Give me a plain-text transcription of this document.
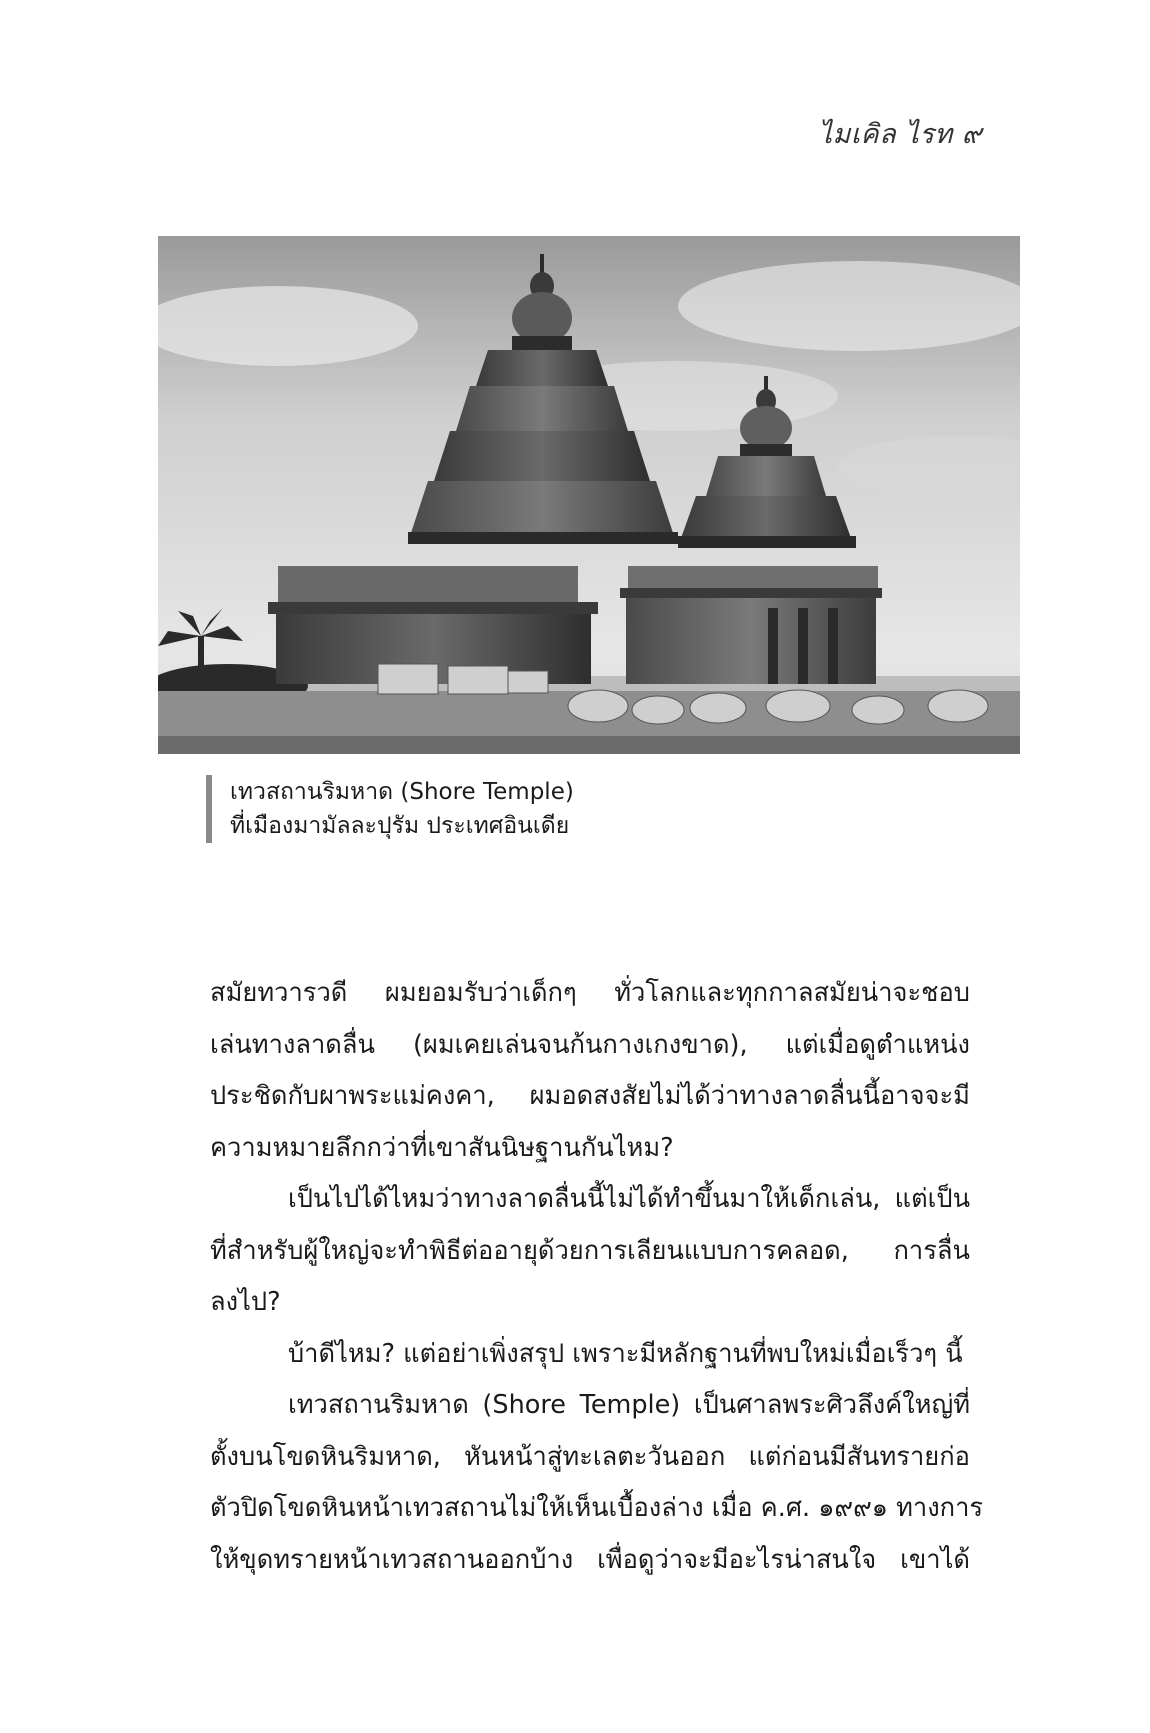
ไมเคิล ไรท ๙
เทวสถานริมหาด (Shore Temple)
ที่เมืองมามัลละปุรัม ประเทศอินเดีย
สมัยทวารวดี ผมยอมรับว่าเด็กๆ ทั่วโลกและทุกกาลสมัยน่าจะชอบ
เล่นทางลาดลื่น (ผมเคยเล่นจนก้นกางเกงขาด), แต่เมื่อดูตำแหน่ง
ประชิดกับผาพระแม่คงคา, ผมอดสงสัยไม่ได้ว่าทางลาดลื่นนี้อาจจะมี
ความหมายลึกกว่าที่เขาสันนิษฐานกันไหม?
เป็นไปได้ไหมว่าทางลาดลื่นนี้ไม่ได้ทำขึ้นมาให้เด็กเล่น, แต่เป็น
ที่สำหรับผู้ใหญ่จะทำพิธีต่ออายุด้วยการเลียนแบบการคลอด, การลื่น
ลงไป?
บ้าดีไหม? แต่อย่าเพิ่งสรุป เพราะมีหลักฐานที่พบใหม่เมื่อเร็วๆ นี้
เทวสถานริมหาด (Shore Temple) เป็นศาลพระศิวลึงค์ใหญ่ที่
ตั้งบนโขดหินริมหาด, หันหน้าสู่ทะเลตะวันออก แต่ก่อนมีสันทรายก่อ
ตัวปิดโขดหินหน้าเทวสถานไม่ให้เห็นเบื้องล่าง เมื่อ ค.ศ. ๑๙๙๑ ทางการ
ให้ขุดทรายหน้าเทวสถานออกบ้าง เพื่อดูว่าจะมีอะไรน่าสนใจ เขาได้
